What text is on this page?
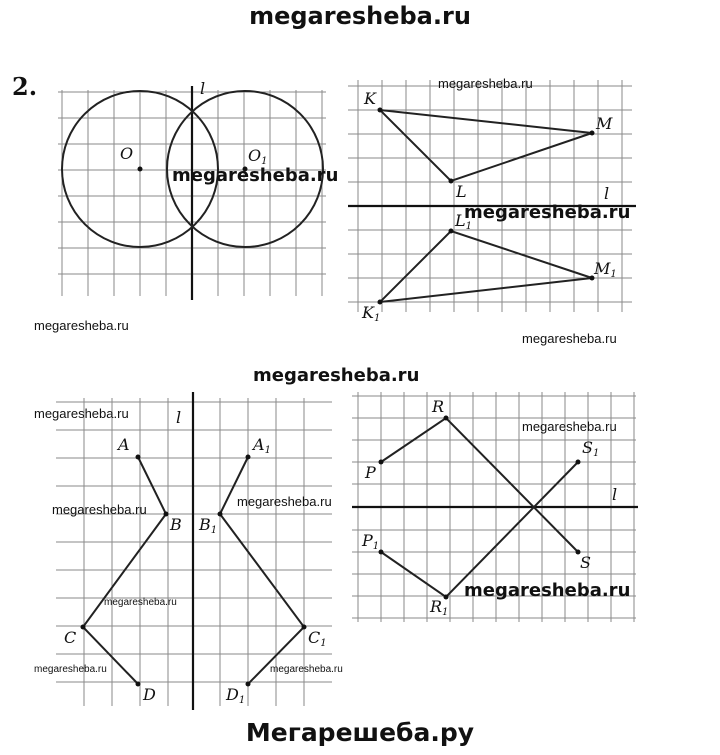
megaresheba.ru
2.	l
O	O1
megaresheba.ru
megaresheba.ru
K
M
L	l
L1
M1
K1
megaresheba.ru
megaresheba.ru
megaresheba.ru
megaresheba.ru
l
A
B
C
D
A1
B1
C1
D1
megaresheba.ru
megaresheba.ru
megaresheba.ru
megaresheba.ru
megaresheba.ru	megaresheba.ru
R
P
S
l
S1
P1
R1
megaresheba.ru
megaresheba.ru
Мегарешеба.ру
